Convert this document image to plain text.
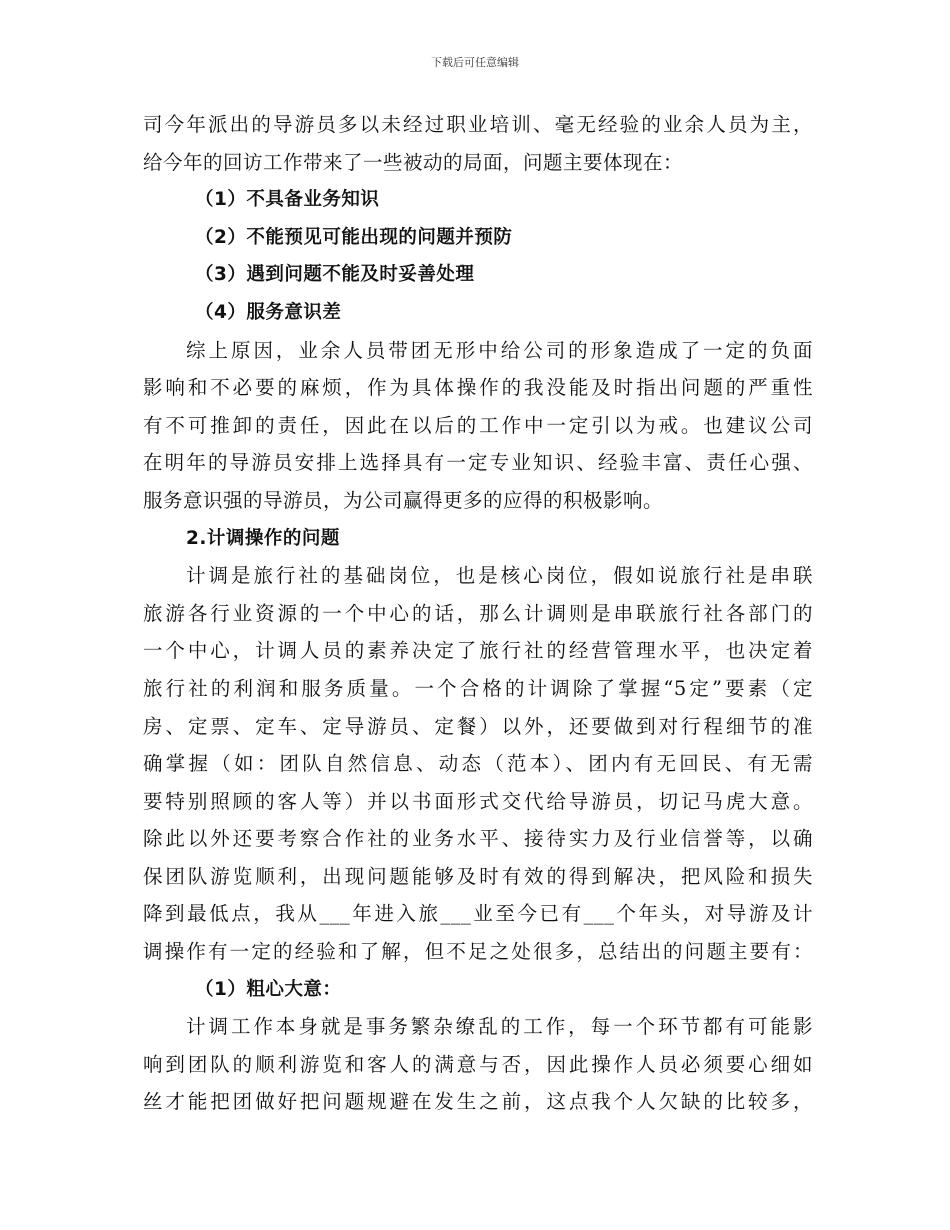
下载后可任意编辑
司今年派出的导游员多以未经过职业培训、毫无经验的业余人员为主，
给今年的回访工作带来了一些被动的局面，问题主要体现在：
（1）不具备业务知识
（2）不能预见可能出现的问题并预防
（3）遇到问题不能及时妥善处理
（4）服务意识差
综上原因，业余人员带团无形中给公司的形象造成了一定的负面
影响和不必要的麻烦，作为具体操作的我没能及时指出问题的严重性
有不可推卸的责任，因此在以后的工作中一定引以为戒。也建议公司
在明年的导游员安排上选择具有一定专业知识、经验丰富、责任心强、
服务意识强的导游员，为公司赢得更多的应得的积极影响。
2.计调操作的问题
计调是旅行社的基础岗位，也是核心岗位，假如说旅行社是串联
旅游各行业资源的一个中心的话，那么计调则是串联旅行社各部门的
一个中心，计调人员的素养决定了旅行社的经营管理水平，也决定着
旅行社的利润和服务质量。一个合格的计调除了掌握“5定”要素（定
房、定票、定车、定导游员、定餐）以外，还要做到对行程细节的准
确掌握（如：团队自然信息、动态（范本）、团内有无回民、有无需
要特别照顾的客人等）并以书面形式交代给导游员，切记马虎大意。
除此以外还要考察合作社的业务水平、接待实力及行业信誉等，以确
保团队游览顺利，出现问题能够及时有效的得到解决，把风险和损失
降到最低点，我从___年进入旅___业至今已有___个年头，对导游及计
调操作有一定的经验和了解，但不足之处很多，总结出的问题主要有：
（1）粗心大意：
计调工作本身就是事务繁杂缭乱的工作，每一个环节都有可能影
响到团队的顺利游览和客人的满意与否，因此操作人员必须要心细如
丝才能把团做好把问题规避在发生之前，这点我个人欠缺的比较多，
